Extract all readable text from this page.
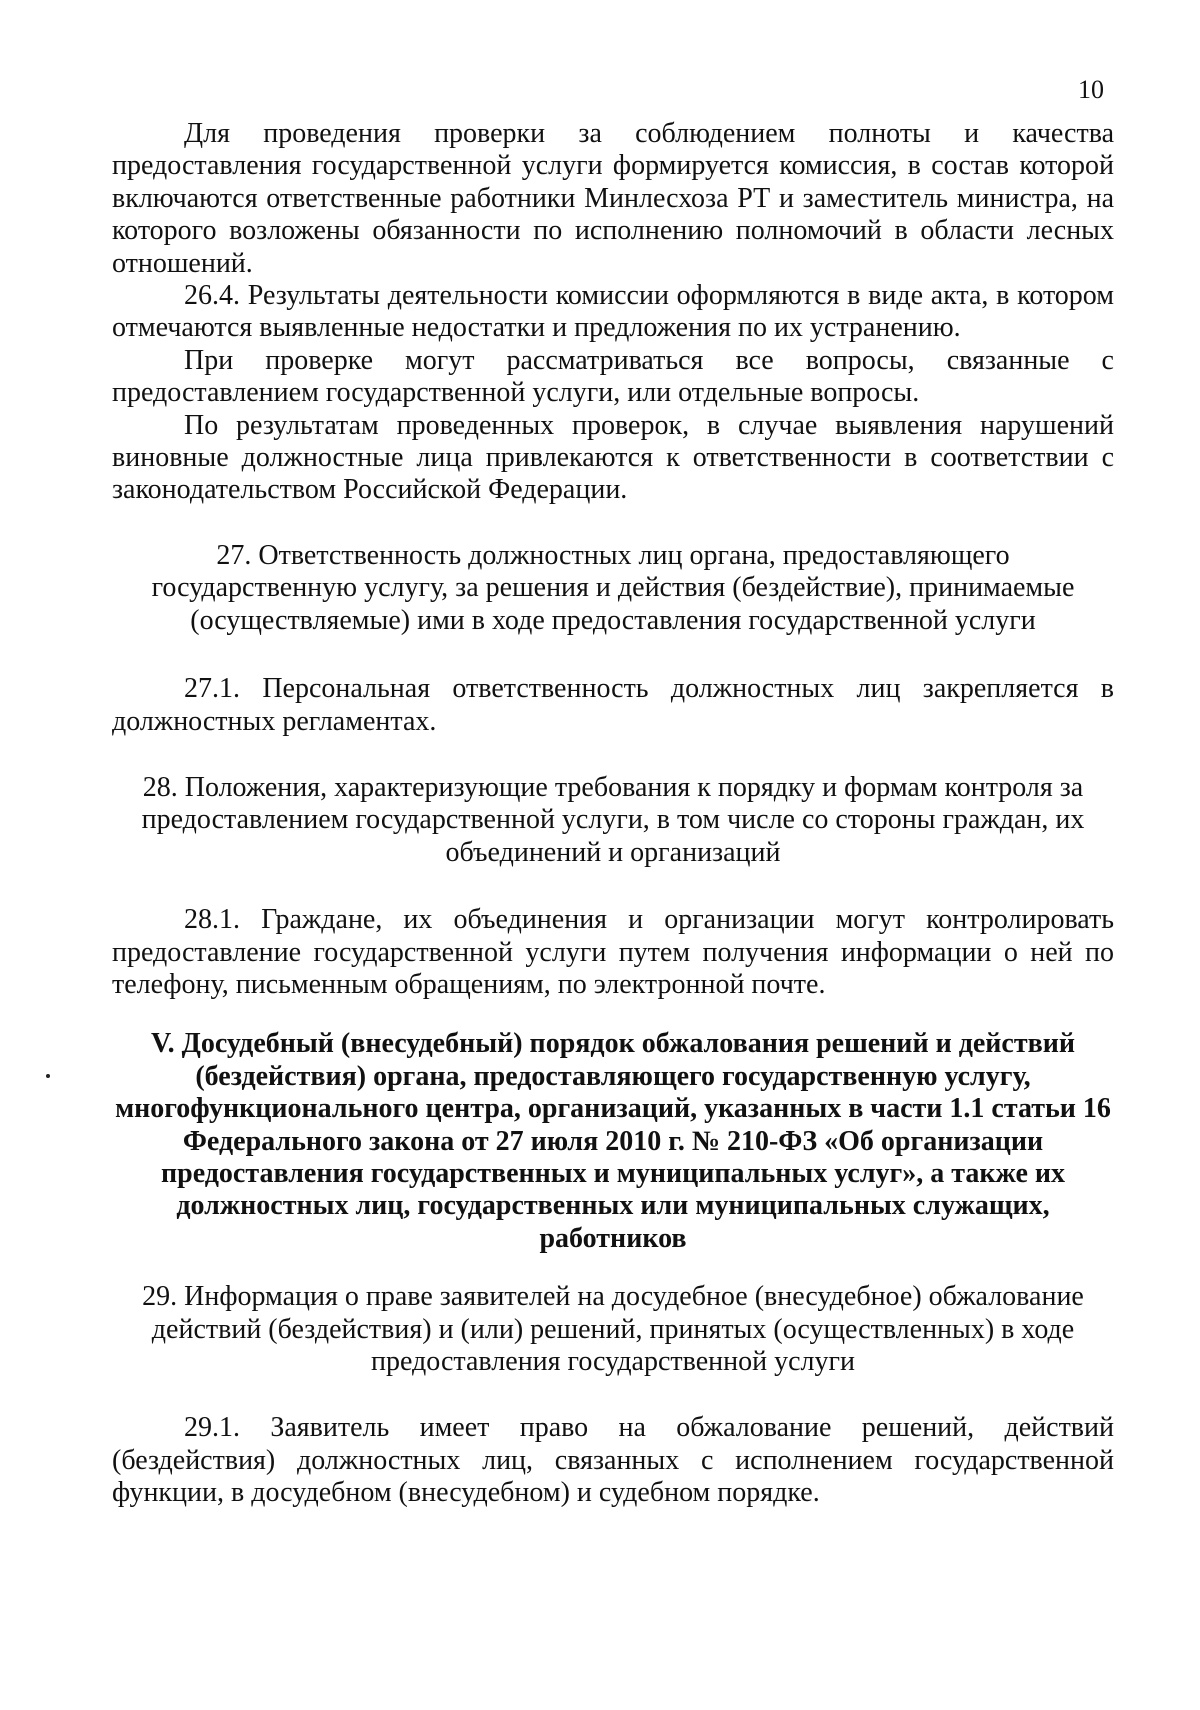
10

Для проведения проверки за соблюдением полноты и качества предоставления государственной услуги формируется комиссия, в состав которой включаются ответственные работники Минлесхоза РТ и заместитель министра, на которого возложены обязанности по исполнению полномочий в области лесных отношений.

26.4. Результаты деятельности комиссии оформляются в виде акта, в котором отмечаются выявленные недостатки и предложения по их устранению.

При проверке могут рассматриваться все вопросы, связанные с предоставлением государственной услуги, или отдельные вопросы.

По результатам проведенных проверок, в случае выявления нарушений виновные должностные лица привлекаются к ответственности в соответствии с законодательством Российской Федерации.

27. Ответственность должностных лиц органа, предоставляющего государственную услугу, за решения и действия (бездействие), принимаемые (осуществляемые) ими в ходе предоставления государственной услуги

27.1. Персональная ответственность должностных лиц закрепляется в должностных регламентах.

28. Положения, характеризующие требования к порядку и формам контроля за предоставлением государственной услуги, в том числе со стороны граждан, их объединений и организаций

28.1. Граждане, их объединения и организации могут контролировать предоставление государственной услуги путем получения информации о ней по телефону, письменным обращениям, по электронной почте.

V. Досудебный (внесудебный) порядок обжалования решений и действий (бездействия) органа, предоставляющего государственную услугу, многофункционального центра, организаций, указанных в части 1.1 статьи 16 Федерального закона от 27 июля 2010 г. № 210-ФЗ «Об организации предоставления государственных и муниципальных услуг», а также их должностных лиц, государственных или муниципальных служащих, работников

29. Информация о праве заявителей на досудебное (внесудебное) обжалование действий (бездействия) и (или) решений, принятых (осуществленных) в ходе предоставления государственной услуги

29.1. Заявитель имеет право на обжалование решений, действий (бездействия) должностных лиц, связанных с исполнением государственной функции, в досудебном (внесудебном) и судебном порядке.
